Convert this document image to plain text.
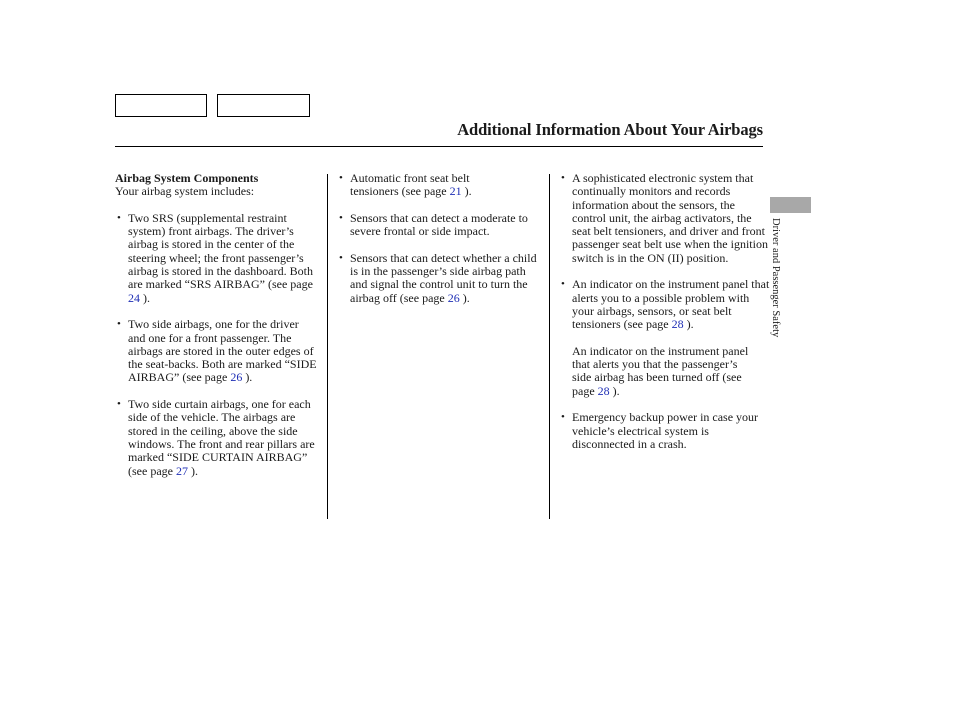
Additional Information About Your Airbags
Airbag System Components
Your airbag system includes:
• Two SRS (supplemental restraint system) front airbags. The driver’s airbag is stored in the center of the steering wheel; the front passenger’s airbag is stored in the dashboard. Both are marked “SRS AIRBAG” (see page 24 ).
• Two side airbags, one for the driver and one for a front passenger. The airbags are stored in the outer edges of the seat-backs. Both are marked “SIDE AIRBAG” (see page 26 ).
• Two side curtain airbags, one for each side of the vehicle. The airbags are stored in the ceiling, above the side windows. The front and rear pillars are marked “SIDE CURTAIN AIRBAG” (see page 27 ).
• Automatic front seat belt tensioners (see page 21 ).
• Sensors that can detect a moderate to severe frontal or side impact.
• Sensors that can detect whether a child is in the passenger’s side airbag path and signal the control unit to turn the airbag off (see page 26 ).
• A sophisticated electronic system that continually monitors and records information about the sensors, the control unit, the airbag activators, the seat belt tensioners, and driver and front passenger seat belt use when the ignition switch is in the ON (II) position.
• An indicator on the instrument panel that alerts you to a possible problem with your airbags, sensors, or seat belt tensioners (see page 28 ).
An indicator on the instrument panel that alerts you that the passenger’s side airbag has been turned off (see page 28 ).
• Emergency backup power in case your vehicle’s electrical system is disconnected in a crash.
Driver and Passenger Safety
